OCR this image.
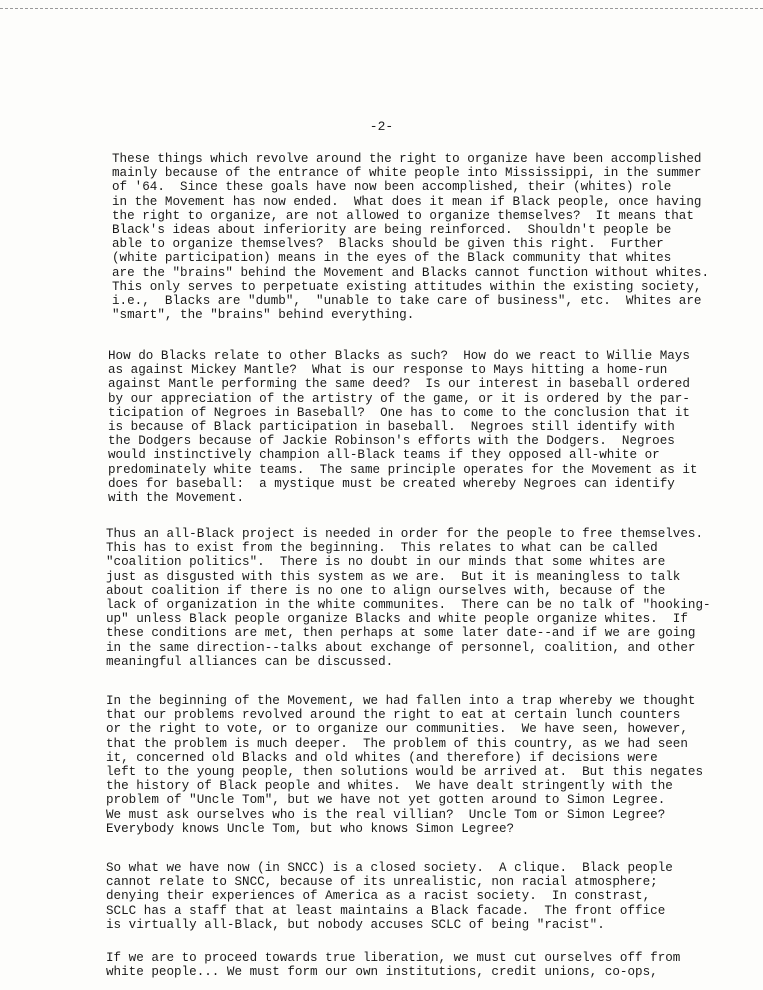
-2-
These things which revolve around the right to organize have been accomplished
mainly because of the entrance of white people into Mississippi, in the summer
of '64.  Since these goals have now been accomplished, their (whites) role
in the Movement has now ended.  What does it mean if Black people, once having
the right to organize, are not allowed to organize themselves?  It means that
Black's ideas about inferiority are being reinforced.  Shouldn't people be
able to organize themselves?  Blacks should be given this right.  Further
(white participation) means in the eyes of the Black community that whites
are the "brains" behind the Movement and Blacks cannot function without whites.
This only serves to perpetuate existing attitudes within the existing society,
i.e.,  Blacks are "dumb",  "unable to take care of business", etc.  Whites are
"smart", the "brains" behind everything.
How do Blacks relate to other Blacks as such?  How do we react to Willie Mays
as against Mickey Mantle?  What is our response to Mays hitting a home-run
against Mantle performing the same deed?  Is our interest in baseball ordered
by our appreciation of the artistry of the game, or it is ordered by the par-
ticipation of Negroes in Baseball?  One has to come to the conclusion that it
is because of Black participation in baseball.  Negroes still identify with
the Dodgers because of Jackie Robinson's efforts with the Dodgers.  Negroes
would instinctively champion all-Black teams if they opposed all-white or
predominately white teams.  The same principle operates for the Movement as it
does for baseball:  a mystique must be created whereby Negroes can identify
with the Movement.
Thus an all-Black project is needed in order for the people to free themselves.
This has to exist from the beginning.  This relates to what can be called
"coalition politics".  There is no doubt in our minds that some whites are
just as disgusted with this system as we are.  But it is meaningless to talk
about coalition if there is no one to align ourselves with, because of the
lack of organization in the white communites.  There can be no talk of "hooking-
up" unless Black people organize Blacks and white people organize whites.  If
these conditions are met, then perhaps at some later date--and if we are going
in the same direction--talks about exchange of personnel, coalition, and other
meaningful alliances can be discussed.
In the beginning of the Movement, we had fallen into a trap whereby we thought
that our problems revolved around the right to eat at certain lunch counters
or the right to vote, or to organize our communities.  We have seen, however,
that the problem is much deeper.  The problem of this country, as we had seen
it, concerned old Blacks and old whites (and therefore) if decisions were
left to the young people, then solutions would be arrived at.  But this negates
the history of Black people and whites.  We have dealt stringently with the
problem of "Uncle Tom", but we have not yet gotten around to Simon Legree.
We must ask ourselves who is the real villian?  Uncle Tom or Simon Legree?
Everybody knows Uncle Tom, but who knows Simon Legree?
So what we have now (in SNCC) is a closed society.  A clique.  Black people
cannot relate to SNCC, because of its unrealistic, non racial atmosphere;
denying their experiences of America as a racist society.  In constrast,
SCLC has a staff that at least maintains a Black facade.  The front office
is virtually all-Black, but nobody accuses SCLC of being "racist".
If we are to proceed towards true liberation, we must cut ourselves off from
white people... We must form our own institutions, credit unions, co-ops,
